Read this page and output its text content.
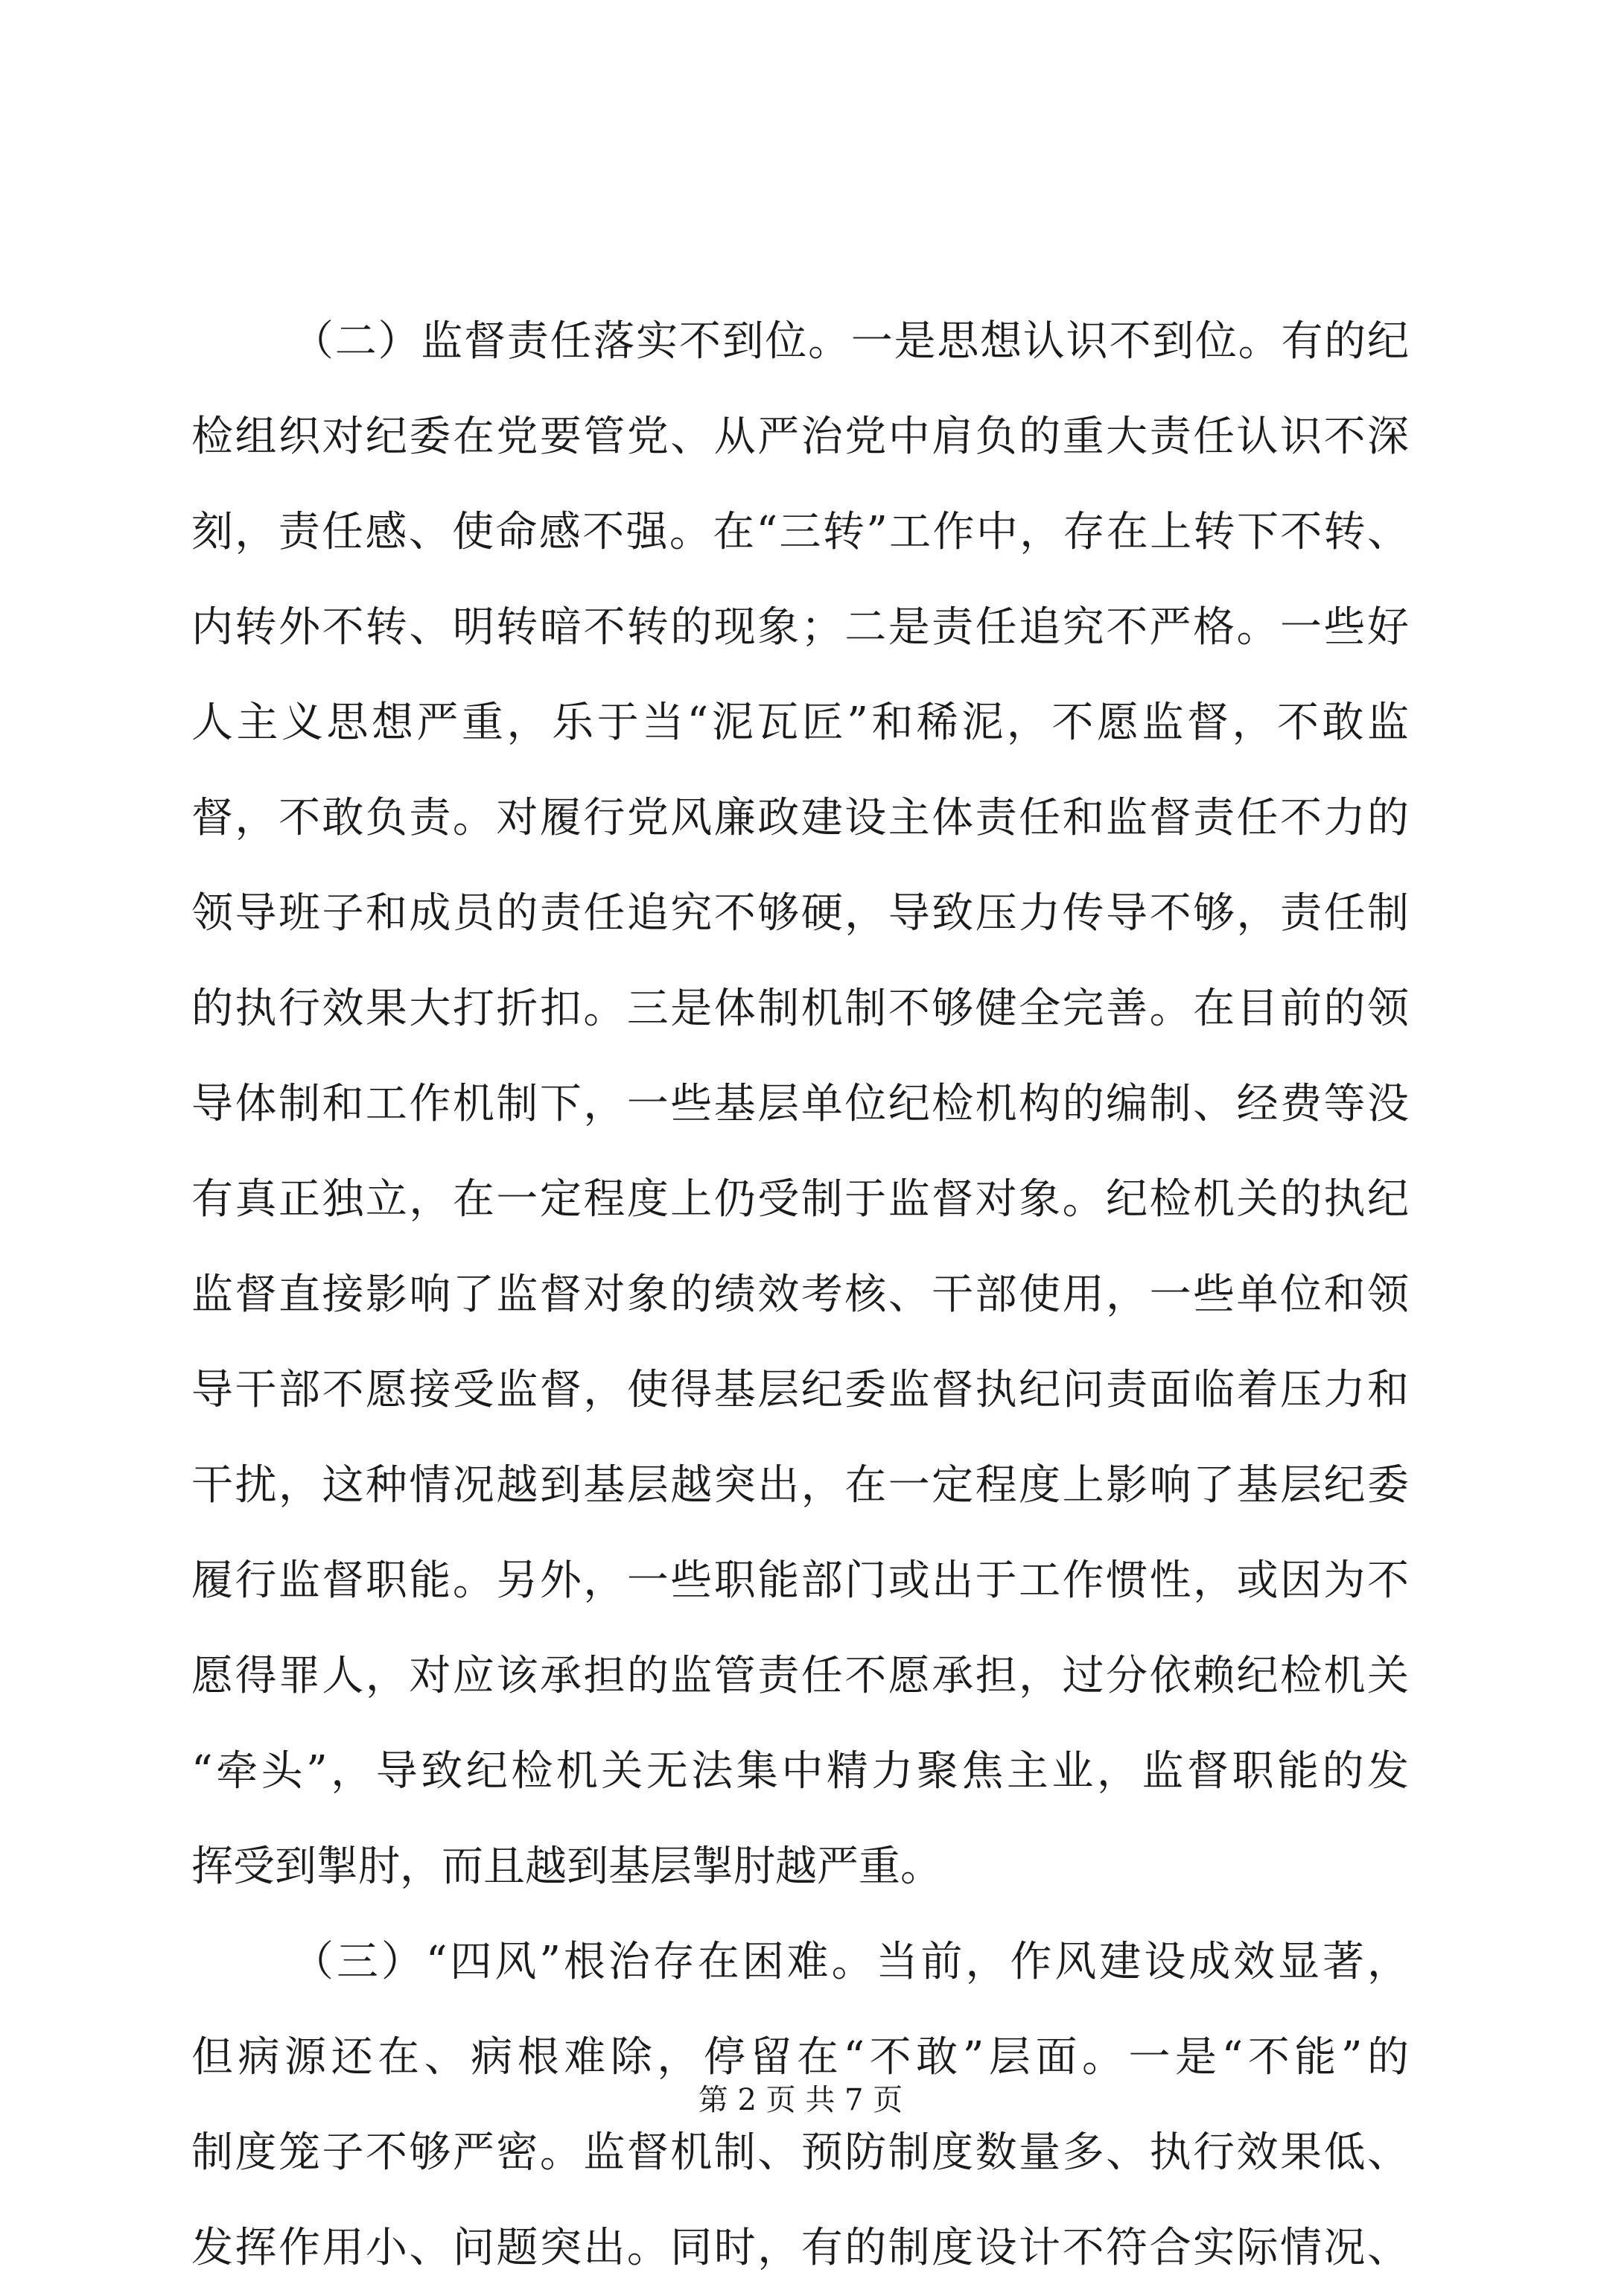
（二）监督责任落实不到位。一是思想认识不到位。有的纪
检组织对纪委在党要管党、从严治党中肩负的重大责任认识不深
刻，责任感、使命感不强。在“三转”工作中，存在上转下不转、
内转外不转、明转暗不转的现象；二是责任追究不严格。一些好
人主义思想严重，乐于当“泥瓦匠”和稀泥，不愿监督，不敢监
督，不敢负责。对履行党风廉政建设主体责任和监督责任不力的
领导班子和成员的责任追究不够硬，导致压力传导不够，责任制
的执行效果大打折扣。三是体制机制不够健全完善。在目前的领
导体制和工作机制下，一些基层单位纪检机构的编制、经费等没
有真正独立，在一定程度上仍受制于监督对象。纪检机关的执纪
监督直接影响了监督对象的绩效考核、干部使用，一些单位和领
导干部不愿接受监督，使得基层纪委监督执纪问责面临着压力和
干扰，这种情况越到基层越突出，在一定程度上影响了基层纪委
履行监督职能。另外，一些职能部门或出于工作惯性，或因为不
愿得罪人，对应该承担的监管责任不愿承担，过分依赖纪检机关
“牵头”，导致纪检机关无法集中精力聚焦主业，监督职能的发
挥受到掣肘，而且越到基层掣肘越严重。
（三）“四风”根治存在困难。当前，作风建设成效显著，
但病源还在、病根难除，停留在“不敢”层面。一是“不能”的
制度笼子不够严密。监督机制、预防制度数量多、执行效果低、
发挥作用小、问题突出。同时，有的制度设计不符合实际情况、
第 2 页 共 7 页
